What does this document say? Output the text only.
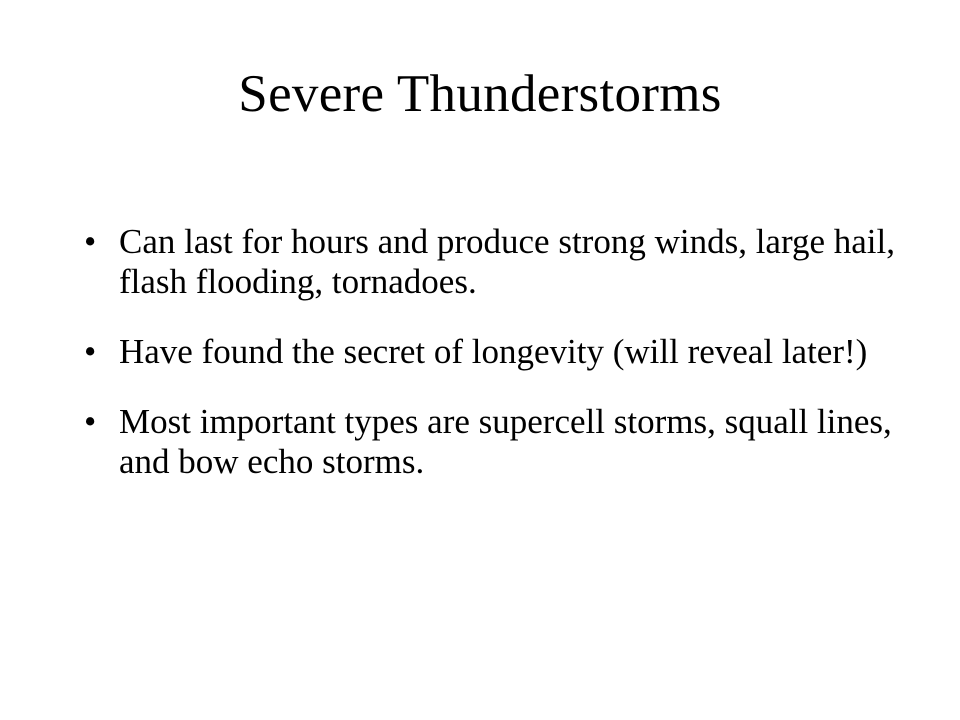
Severe Thunderstorms
• Can last for hours and produce strong winds, large hail, flash flooding, tornadoes.
• Have found the secret of longevity (will reveal later!)
• Most important types are supercell storms, squall lines, and bow echo storms.
